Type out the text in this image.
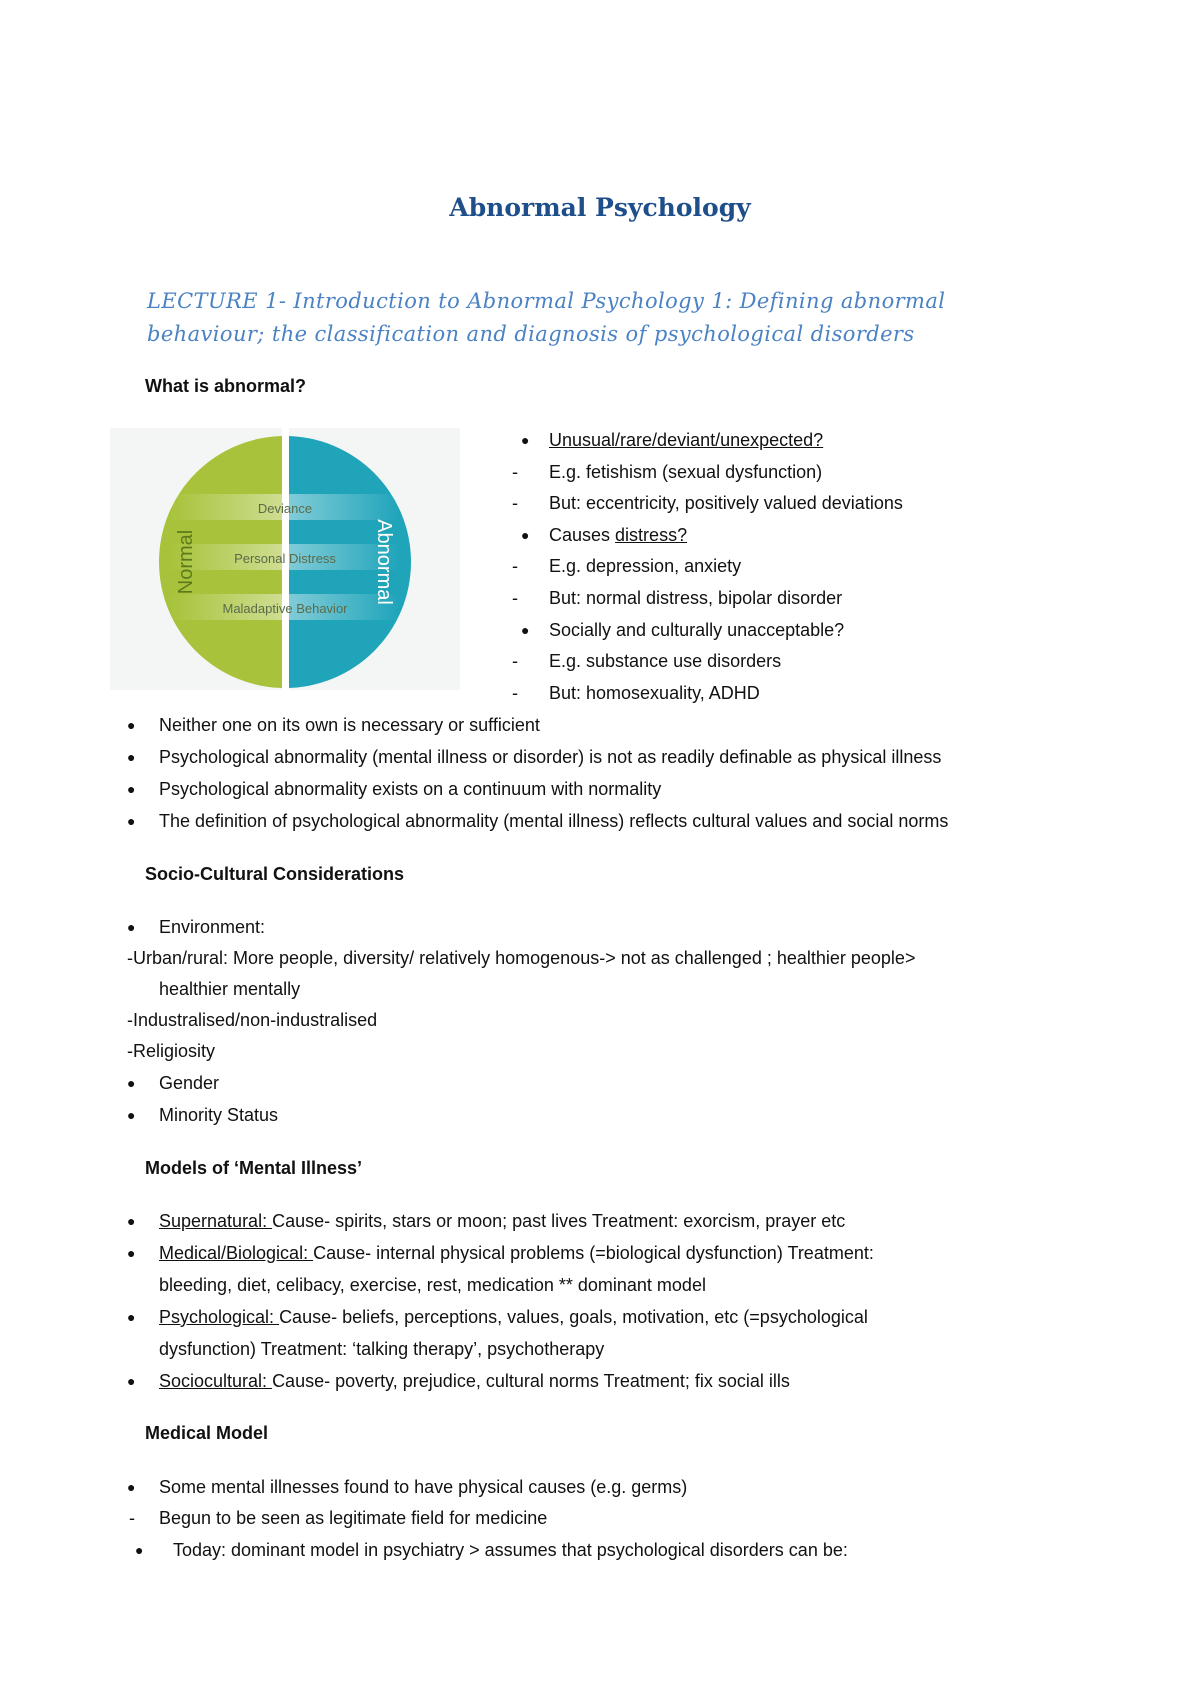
Abnormal Psychology
LECTURE 1- Introduction to Abnormal Psychology 1: Defining abnormal behaviour; the classification and diagnosis of psychological disorders
What is abnormal?
Deviance
Personal Distress
Maladaptive Behavior
Normal	Abnormal
● Unusual/rare/deviant/unexpected?
- E.g. fetishism (sexual dysfunction)
- But: eccentricity, positively valued deviations
● Causes distress?
- E.g. depression, anxiety
- But: normal distress, bipolar disorder
● Socially and culturally unacceptable?
- E.g. substance use disorders
- But: homosexuality, ADHD
● Neither one on its own is necessary or sufficient
● Psychological abnormality (mental illness or disorder) is not as readily definable as physical illness
● Psychological abnormality exists on a continuum with normality
● The definition of psychological abnormality (mental illness) reflects cultural values and social norms
Socio-Cultural Considerations
● Environment:
-Urban/rural: More people, diversity/ relatively homogenous-> not as challenged ; healthier people>
healthier mentally
-Industralised/non-industralised
-Religiosity
● Gender
● Minority Status
Models of ‘Mental Illness’
● Supernatural: Cause- spirits, stars or moon; past lives Treatment: exorcism, prayer etc
● Medical/Biological: Cause- internal physical problems (=biological dysfunction) Treatment:
bleeding, diet, celibacy, exercise, rest, medication ** dominant model
● Psychological: Cause- beliefs, perceptions, values, goals, motivation, etc (=psychological
dysfunction) Treatment: ‘talking therapy’, psychotherapy
● Sociocultural: Cause- poverty, prejudice, cultural norms Treatment; fix social ills
Medical Model
● Some mental illnesses found to have physical causes (e.g. germs)
- Begun to be seen as legitimate field for medicine
● Today: dominant model in psychiatry > assumes that psychological disorders can be:
